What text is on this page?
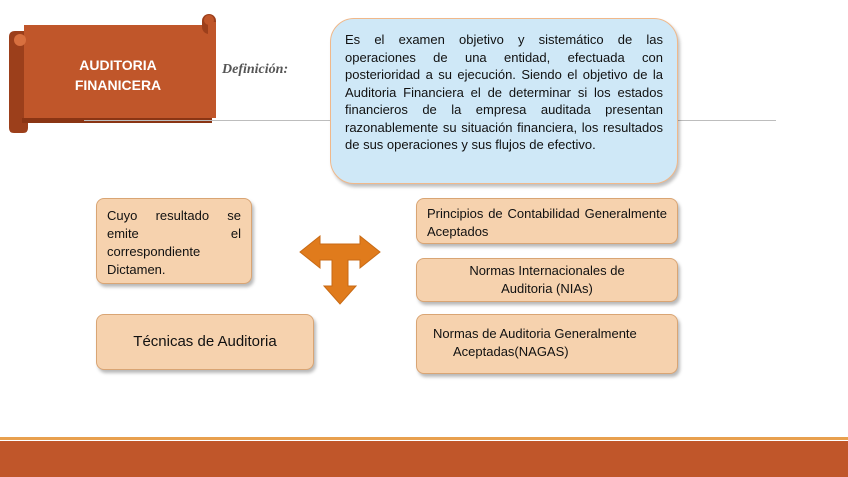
AUDITORIA
FINANICERA
Definición:
Es el examen objetivo y sistemático de las operaciones de una entidad, efectuada con posterioridad a su ejecución. Siendo el objetivo de la Auditoria Financiera el de determinar si los estados financieros de la empresa auditada presentan razonablemente su situación financiera, los resultados de sus operaciones y sus flujos de efectivo.
Cuyo resultado se emite el correspondiente Dictamen.
Técnicas de Auditoria
Principios de Contabilidad Generalmente Aceptados
Normas Internacionales de
Auditoria (NIAs)
Normas de Auditoria Generalmente
Aceptadas(NAGAS)
